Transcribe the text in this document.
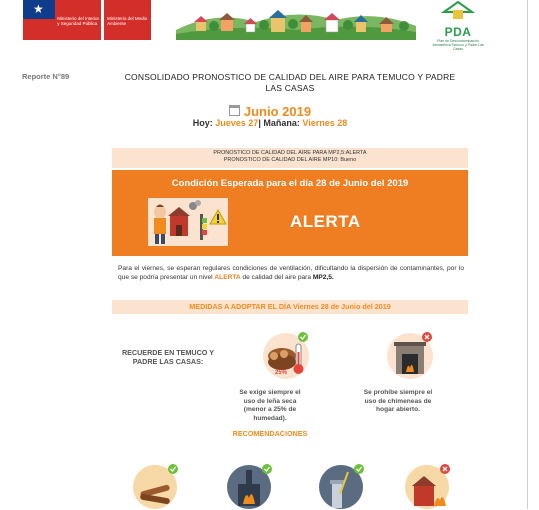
★
Ministerio del Interior y Seguridad Pública
Ministerio del Medio Ambiente
PDA
Plan de Descontaminación Atmosférica Temuco y Padre Las Casas
Reporte N°89	CONSOLIDADO PRONOSTICO DE CALIDAD DEL AIRE PARA TEMUCO Y PADRE LAS CASAS
Junio 2019
Hoy: Jueves 27| Mañana: Viernes 28
PRONOSTICO DE CALIDAD DEL AIRE PARA MP2,5:ALERTA
PRONOSTICO DE CALIDAD DEL AIRE MP10: Bueno
Condición Esperada para el día 28 de Junio del 2019
ALERTA
Para el viernes, se esperan regulares condiciones de ventilación, dificultando la dispersión de contaminantes, por lo que se podría presentar un nivel ALERTA de calidad del aire para MP2,5.
MEDIDAS A ADOPTAR EL DÍA Viernes 28 de Junio del 2019
RECUERDE EN TEMUCO Y PADRE LAS CASAS:
25%
Se exige siempre el uso de leña seca (menor a 25% de humedad).
Se prohíbe siempre el uso de chimeneas de hogar abierto.
RECOMENDACIONES
